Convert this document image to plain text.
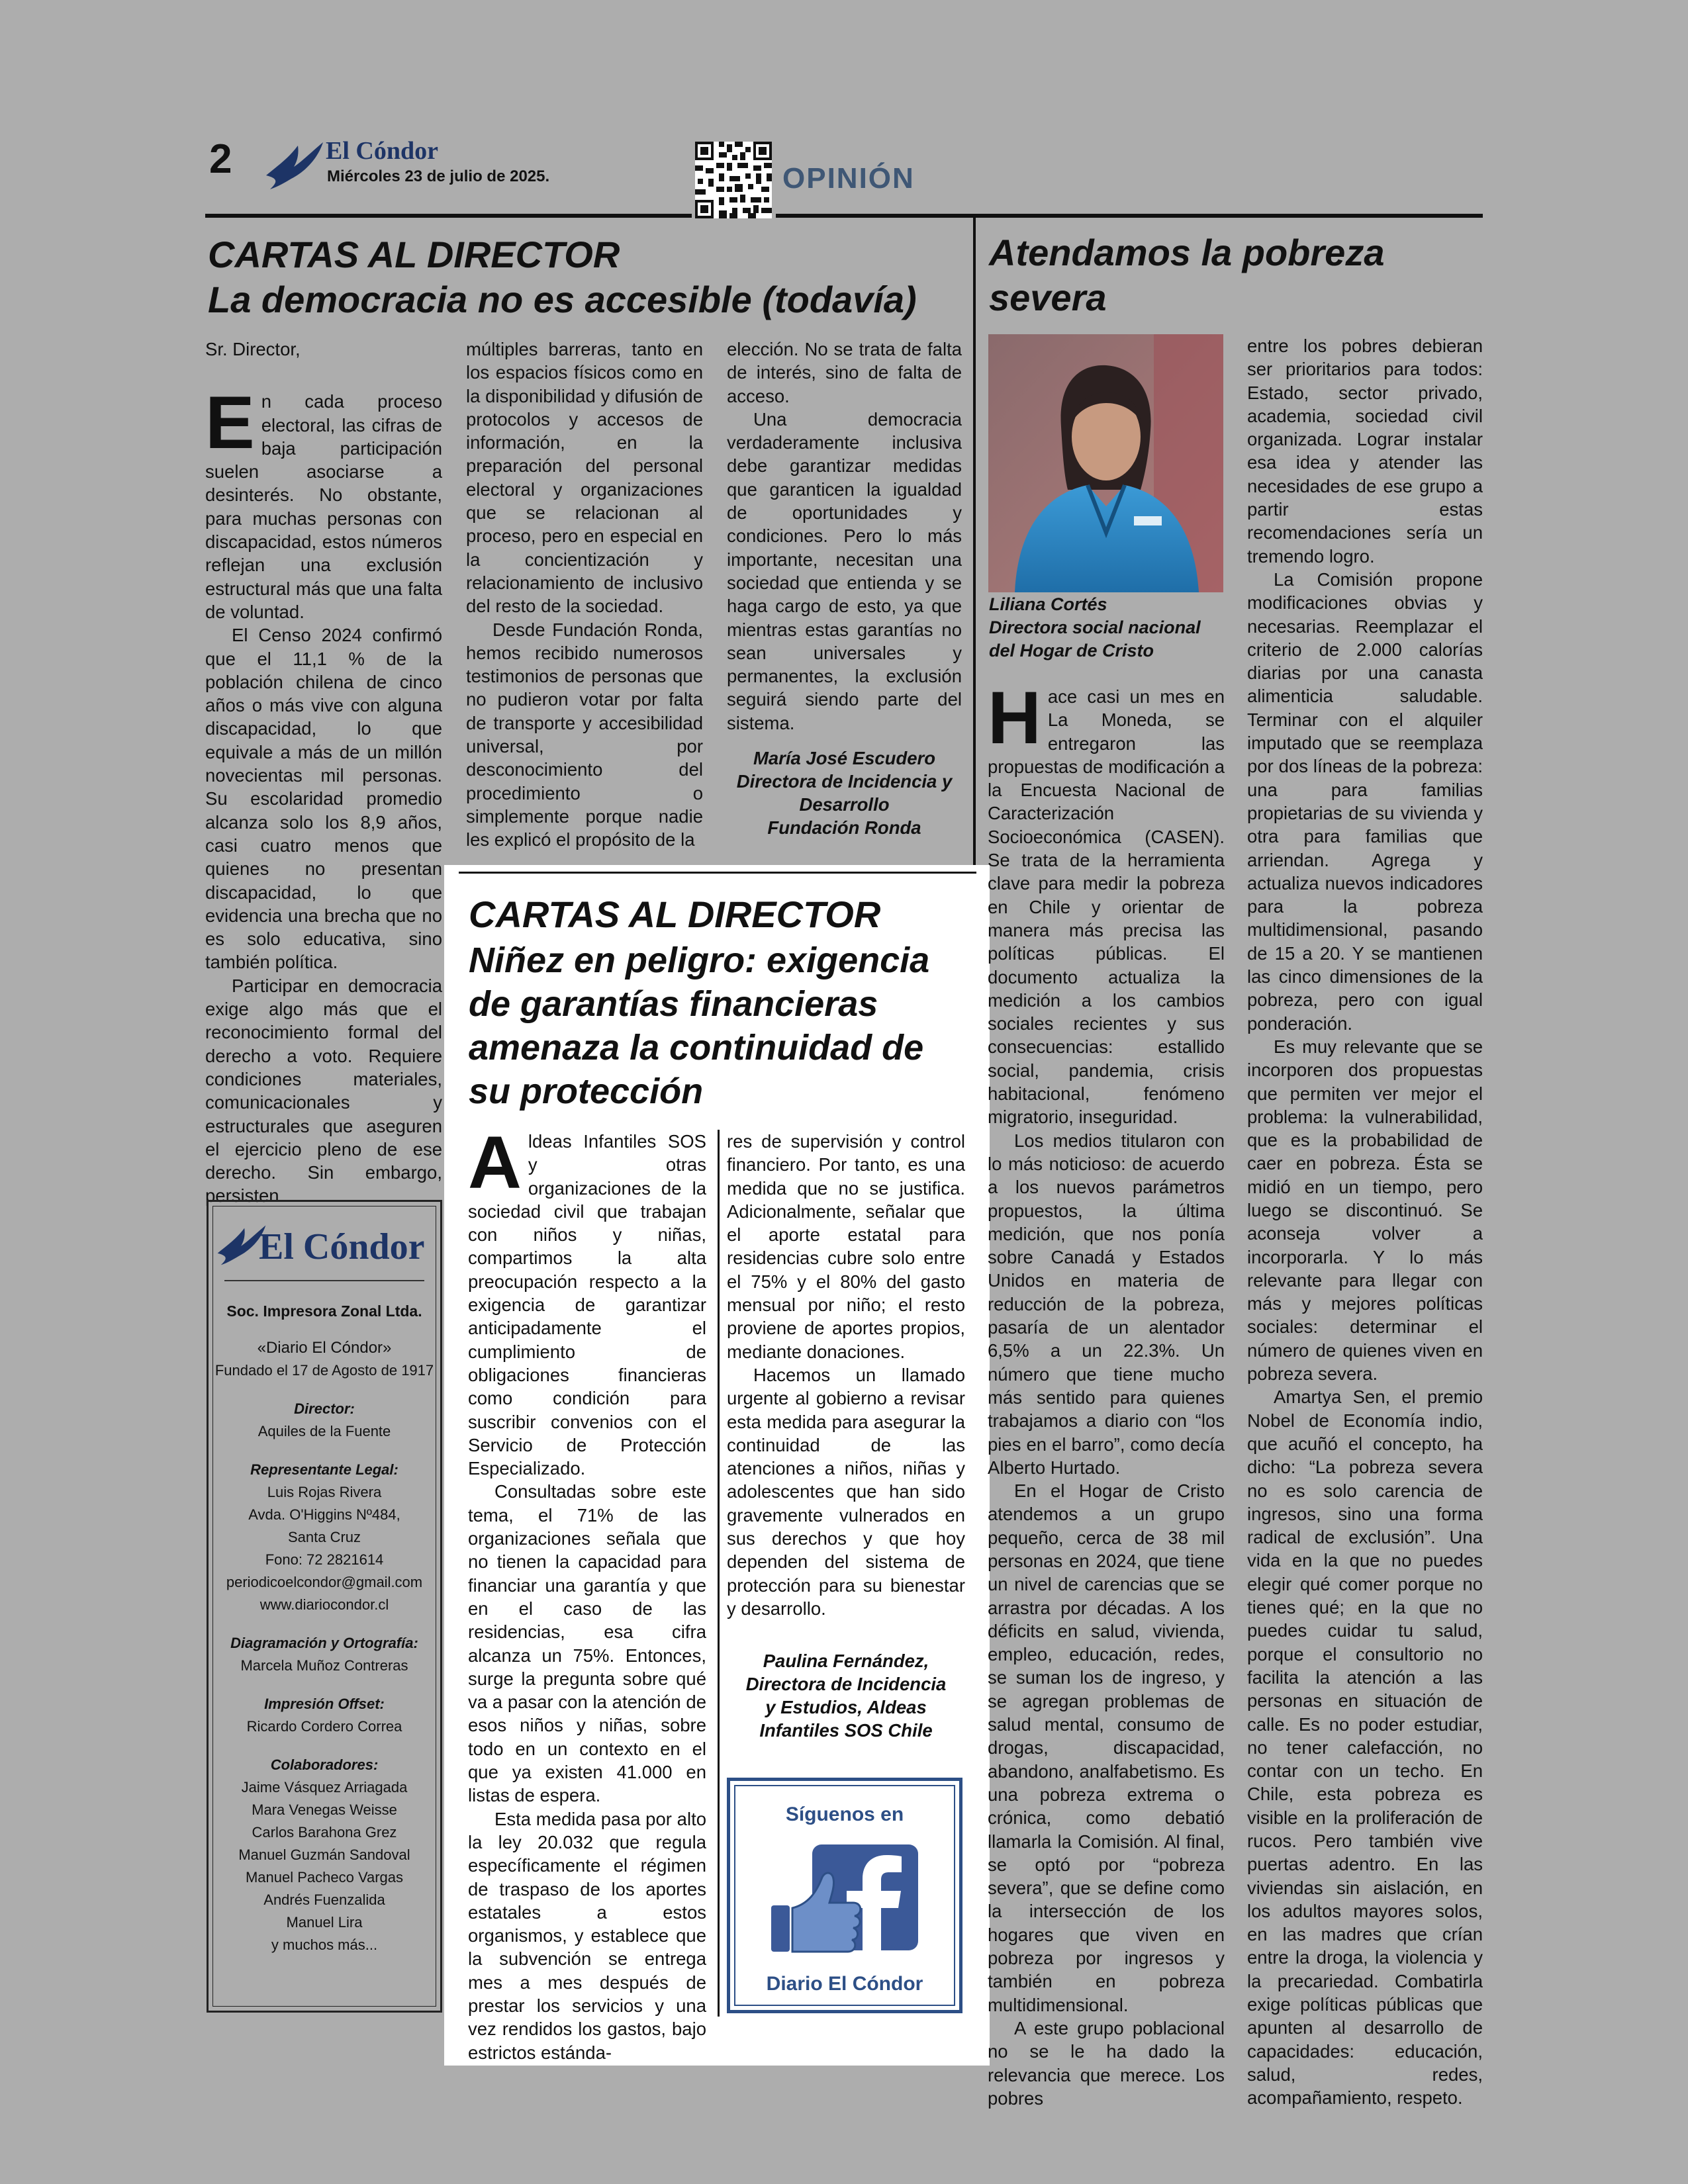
2	El Cóndor
Miércoles 23 de julio de 2025.	OPINIÓN
CARTAS AL DIRECTOR
La democracia no es accesible (todavía)
Sr. Director,
E n cada proceso electoral, las cifras de baja participación suelen asociarse a desinterés. No obstante, para muchas personas con discapacidad, estos números reflejan una exclusión estructural más que una falta de voluntad.

El Censo 2024 confirmó que el 11,1 % de la población chilena de cinco años o más vive con alguna discapacidad, lo que equivale a más de un millón novecientas mil personas. Su escolaridad promedio alcanza solo los 8,9 años, casi cuatro menos que quienes no presentan discapacidad, lo que evidencia una brecha que no es solo educativa, sino también política.

Participar en democracia exige algo más que el reconocimiento formal del derecho a voto. Requiere condiciones materiales, comunicacionales y estructurales que aseguren el ejercicio pleno de ese derecho. Sin embargo, persisten

múltiples barreras, tanto en los espacios físicos como en la disponibilidad y difusión de protocolos y accesos de información, en la preparación del personal electoral y organizaciones que se relacionan al proceso, pero en especial en la concientización y relacionamiento de inclusivo del resto de la sociedad.

Desde Fundación Ronda, hemos recibido numerosos testimonios de personas que no pudieron votar por falta de transporte y accesibilidad universal, por desconocimiento del procedimiento o simplemente porque nadie les explicó el propósito de la

elección. No se trata de falta de interés, sino de falta de acceso.

Una democracia verdaderamente inclusiva debe garantizar medidas que garanticen la igualdad de oportunidades y condiciones. Pero lo más importante, necesitan una sociedad que entienda y se haga cargo de esto, ya que mientras estas garantías no sean universales y permanentes, la exclusión seguirá siendo parte del sistema.

María José Escudero
Directora de Incidencia y
Desarrollo
Fundación Ronda
El Cóndor
Soc. Impresora Zonal Ltda.
«Diario El Cóndor»
Fundado el 17 de Agosto de 1917
Director:
Aquiles de la Fuente
Representante Legal:
Luis Rojas Rivera
Avda. O'Higgins Nº484,
Santa Cruz
Fono: 72 2821614
periodicoelcondor@gmail.com
www.diariocondor.cl
Diagramación y Ortografía:
Marcela Muñoz Contreras
Impresión Offset:
Ricardo Cordero Correa
Colaboradores:
Jaime Vásquez Arriagada
Mara Venegas Weisse
Carlos Barahona Grez
Manuel Guzmán Sandoval
Manuel Pacheco Vargas
Andrés Fuenzalida
Manuel Lira
y muchos más...
CARTAS AL DIRECTOR
Niñez en peligro: exigencia de garantías financieras amenaza la continuidad de su protección
A ldeas Infantiles SOS y otras organizaciones de la sociedad civil que trabajan con niños y niñas, compartimos la alta preocupación respecto a la exigencia de garantizar anticipadamente el cumplimiento de obligaciones financieras como condición para suscribir convenios con el Servicio de Protección Especializado.

Consultadas sobre este tema, el 71% de las organizaciones señala que no tienen la capacidad para financiar una garantía y que en el caso de las residencias, esa cifra alcanza un 75%. Entonces, surge la pregunta sobre qué va a pasar con la atención de esos niños y niñas, sobre todo en un contexto en el que ya existen 41.000 en listas de espera.

Esta medida pasa por alto la ley 20.032 que regula específicamente el régimen de traspaso de los aportes estatales a estos organismos, y establece que la subvención se entrega mes a mes después de prestar los servicios y una vez rendidos los gastos, bajo estrictos estánda-

res de supervisión y control financiero. Por tanto, es una medida que no se justifica. Adicionalmente, señalar que el aporte estatal para residencias cubre solo entre el 75% y el 80% del gasto mensual por niño; el resto proviene de aportes propios, mediante donaciones.

Hacemos un llamado urgente al gobierno a revisar esta medida para asegurar la continuidad de las atenciones a niños, niñas y adolescentes que han sido gravemente vulnerados en sus derechos y que hoy dependen del sistema de protección para su bienestar y desarrollo.

Paulina Fernández,
Directora de Incidencia
y Estudios, Aldeas
Infantiles SOS Chile
Síguenos en
Diario El Cóndor
Atendamos la pobreza severa
Liliana Cortés
Directora social nacional
del Hogar de Cristo
H ace casi un mes en La Moneda, se entregaron las propuestas de modificación a la Encuesta Nacional de Caracterización Socioeconómica (CASEN). Se trata de la herramienta clave para medir la pobreza en Chile y orientar de manera más precisa las políticas públicas. El documento actualiza la medición a los cambios sociales recientes y sus consecuencias: estallido social, pandemia, crisis habitacional, fenómeno migratorio, inseguridad.

Los medios titularon con lo más noticioso: de acuerdo a los nuevos parámetros propuestos, la última medición, que nos ponía sobre Canadá y Estados Unidos en materia de reducción de la pobreza, pasaría de un alentador 6,5% a un 22.3%. Un número que tiene mucho más sentido para quienes trabajamos a diario con “los pies en el barro”, como decía Alberto Hurtado.

En el Hogar de Cristo atendemos a un grupo pequeño, cerca de 38 mil personas en 2024, que tiene un nivel de carencias que se arrastra por décadas. A los déficits en salud, vivienda, empleo, educación, redes, se suman los de ingreso, y se agregan problemas de salud mental, consumo de drogas, discapacidad, abandono, analfabetismo. Es una pobreza extrema o crónica, como debatió llamarla la Comisión. Al final, se optó por “pobreza severa”, que se define como la intersección de los hogares que viven en pobreza por ingresos y también en pobreza multidimensional.

A este grupo poblacional no se le ha dado la relevancia que merece. Los pobres

entre los pobres debieran ser prioritarios para todos: Estado, sector privado, academia, sociedad civil organizada. Lograr instalar esa idea y atender las necesidades de ese grupo a partir estas recomendaciones sería un tremendo logro.

La Comisión propone modificaciones obvias y necesarias. Reemplazar el criterio de 2.000 calorías diarias por una canasta alimenticia saludable. Terminar con el alquiler imputado que se reemplaza por dos líneas de la pobreza: una para familias propietarias de su vivienda y otra para familias que arriendan. Agrega y actualiza nuevos indicadores para la pobreza multidimensional, pasando de 15 a 20. Y se mantienen las cinco dimensiones de la pobreza, pero con igual ponderación.

Es muy relevante que se incorporen dos propuestas que permiten ver mejor el problema: la vulnerabilidad, que es la probabilidad de caer en pobreza. Ésta se midió en un tiempo, pero luego se discontinuó. Se aconseja volver a incorporarla. Y lo más relevante para llegar con más y mejores políticas sociales: determinar el número de quienes viven en pobreza severa.

Amartya Sen, el premio Nobel de Economía indio, que acuñó el concepto, ha dicho: “La pobreza severa no es solo carencia de ingresos, sino una forma radical de exclusión”. Una vida en la que no puedes elegir qué comer porque no tienes qué; en la que no puedes cuidar tu salud, porque el consultorio no facilita la atención a las personas en situación de calle. Es no poder estudiar, no tener calefacción, no contar con un techo. En Chile, esta pobreza es visible en la proliferación de rucos. Pero también vive puertas adentro. En las viviendas sin aislación, en los adultos mayores solos, en las madres que crían entre la droga, la violencia y la precariedad. Combatirla exige políticas públicas que apunten al desarrollo de capacidades: educación, salud, redes, acompañamiento, respeto.
